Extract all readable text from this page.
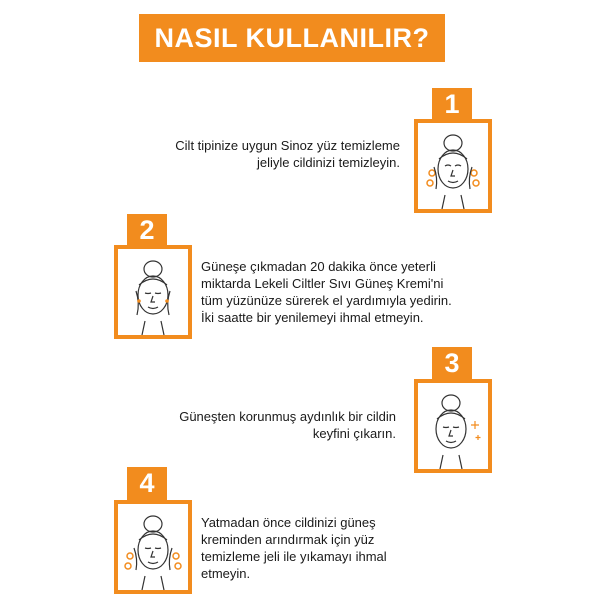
NASIL KULLANILIR?
Cilt tipinize uygun Sinoz yüz temizleme
jeliyle cildinizi temizleyin.
1
2
Güneşe çıkmadan 20 dakika önce yeterli
miktarda Lekeli Ciltler Sıvı Güneş Kremi'ni
tüm yüzünüze sürerek el yardımıyla yedirin.
İki saatte bir yenilemeyi ihmal etmeyin.
Güneşten korunmuş aydınlık bir cildin
keyfini çıkarın.
3
4
Yatmadan önce cildinizi güneş
kreminden arındırmak için yüz
temizleme jeli ile yıkamayı ihmal
etmeyin.
